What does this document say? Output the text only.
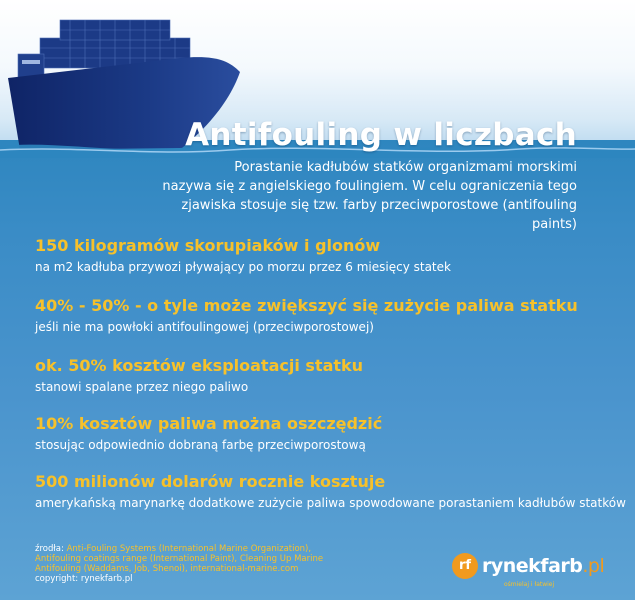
Antifouling w liczbach
Porastanie kadłubów statków organizmami morskimi
nazywa się z angielskiego foulingiem. W celu ograniczenia tego
zjawiska stosuje się tzw. farby przeciwporostowe (antifouling paints)
150 kilogramów skorupiaków i glonów
na m2 kadłuba przywozi pływający po morzu przez 6 miesięcy statek
40% - 50% - o tyle może zwiększyć się zużycie paliwa statku
jeśli nie ma powłoki antifoulingowej (przeciwporostowej)
ok. 50% kosztów eksploatacji statku
stanowi spalane przez niego paliwo
10% kosztów paliwa można oszczędzić
stosując odpowiednio dobraną farbę przeciwporostową
500 milionów dolarów rocznie kosztuje
amerykańską marynarkę dodatkowe zużycie paliwa spowodowane porastaniem kadłubów statków
źrodła: Anti-Fouling Systems (International Marine Organization),
Antifouling coatings range (International Paint), Cleaning Up Marine
Antifouling (Waddams, Job, Shenoi), international-marine.com
copyright: rynekfarb.pl
rf rynekfarb.pl
ośmielaj i łatwiej
